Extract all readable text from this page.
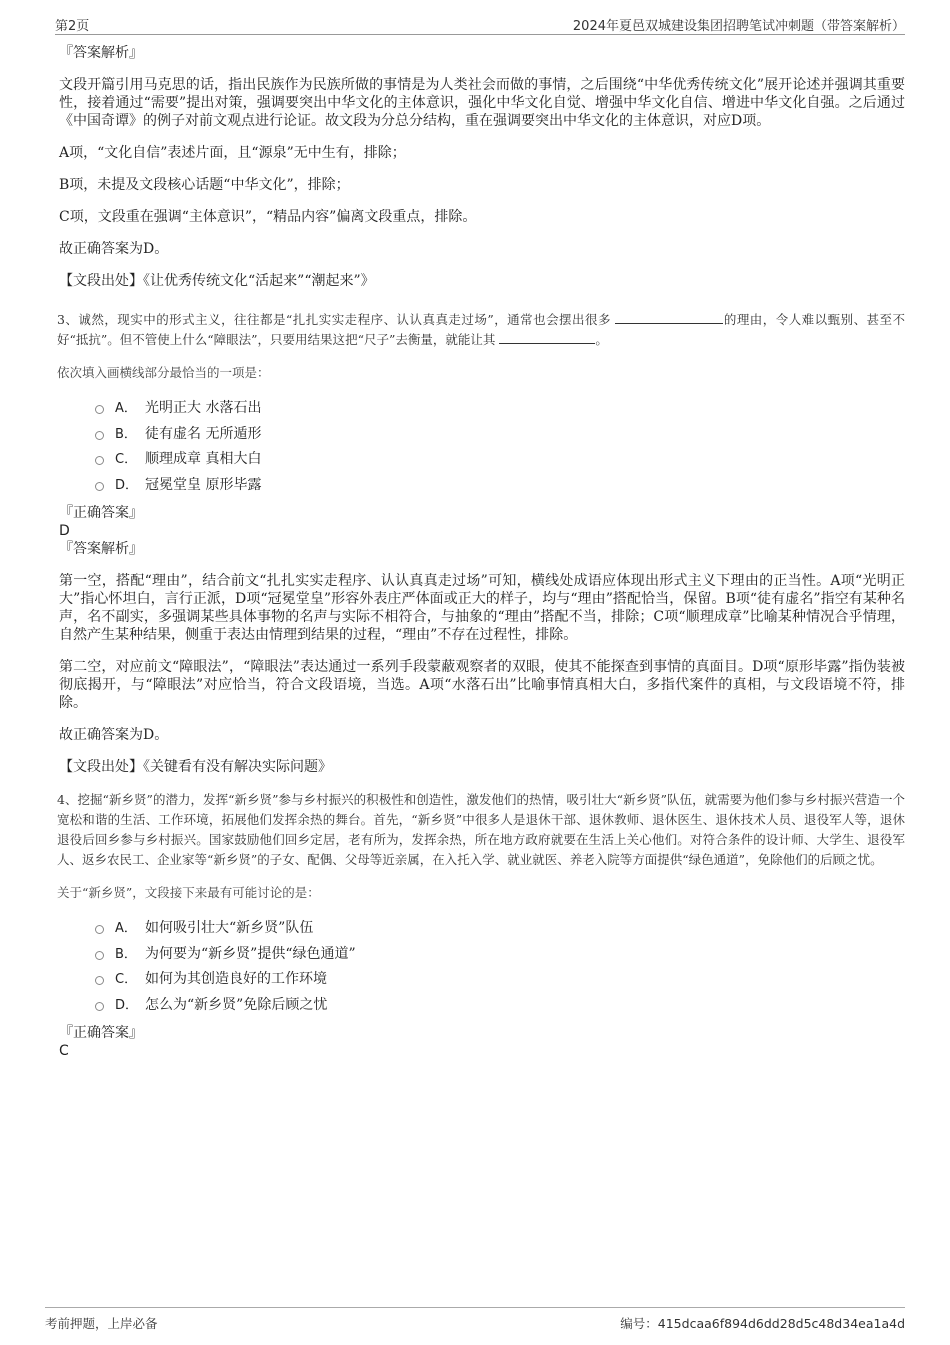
第2页	2024年夏邑双城建设集团招聘笔试冲刺题（带答案解析）

『答案解析』

文段开篇引用马克思的话，指出民族作为民族所做的事情是为人类社会而做的事情，之后围绕“中华优秀传统文化”展开论述并强调其重要性，接着通过“需要”提出对策，强调要突出中华文化的主体意识，强化中华文化自觉、增强中华文化自信、增进中华文化自强。之后通过《中国奇谭》的例子对前文观点进行论证。故文段为分总分结构，重在强调要突出中华文化的主体意识，对应D项。

A项，“文化自信”表述片面，且“源泉”无中生有，排除；

B项，未提及文段核心话题“中华文化”，排除；

C项，文段重在强调“主体意识”，“精品内容”偏离文段重点，排除。

故正确答案为D。

【文段出处】《让优秀传统文化“活起来”“潮起来”》

3、诚然，现实中的形式主义，往往都是“扎扎实实走程序、认认真真走过场”，通常也会摆出很多	的理由，令人难以甄别、甚至不好“抵抗”。但不管使上什么“障眼法”，只要用结果这把“尺子”去衡量，就能让其	。

依次填入画横线部分最恰当的一项是：

A． 光明正大 水落石出
B． 徒有虚名 无所遁形
C． 顺理成章 真相大白
D． 冠冕堂皇 原形毕露

『正确答案』

D

『答案解析』

第一空，搭配“理由”，结合前文“扎扎实实走程序、认认真真走过场”可知，横线处成语应体现出形式主义下理由的正当性。A项“光明正大”指心怀坦白，言行正派，D项“冠冕堂皇”形容外表庄严体面或正大的样子，均与“理由”搭配恰当，保留。B项“徒有虚名”指空有某种名声，名不副实，多强调某些具体事物的名声与实际不相符合，与抽象的“理由”搭配不当，排除；C项“顺理成章”比喻某种情况合乎情理，自然产生某种结果，侧重于表达由情理到结果的过程，“理由”不存在过程性，排除。

第二空，对应前文“障眼法”，“障眼法”表达通过一系列手段蒙蔽观察者的双眼，使其不能探查到事情的真面目。D项“原形毕露”指伪装被彻底揭开，与“障眼法”对应恰当，符合文段语境，当选。A项“水落石出”比喻事情真相大白，多指代案件的真相，与文段语境不符，排除。

故正确答案为D。

【文段出处】《关键看有没有解决实际问题》

4、挖掘“新乡贤”的潜力，发挥“新乡贤”参与乡村振兴的积极性和创造性，激发他们的热情，吸引壮大“新乡贤”队伍，就需要为他们参与乡村振兴营造一个宽松和谐的生活、工作环境，拓展他们发挥余热的舞台。首先，“新乡贤”中很多人是退休干部、退休教师、退休医生、退休技术人员、退役军人等，退休退役后回乡参与乡村振兴。国家鼓励他们回乡定居，老有所为，发挥余热，所在地方政府就要在生活上关心他们。对符合条件的设计师、大学生、退役军人、返乡农民工、企业家等“新乡贤”的子女、配偶、父母等近亲属，在入托入学、就业就医、养老入院等方面提供“绿色通道”，免除他们的后顾之忧。

关于“新乡贤”，文段接下来最有可能讨论的是：

A． 如何吸引壮大“新乡贤”队伍
B． 为何要为“新乡贤”提供“绿色通道”
C． 如何为其创造良好的工作环境
D． 怎么为“新乡贤”免除后顾之忧

『正确答案』

C

考前押题，上岸必备	编号：415dcaa6f894d6dd28d5c48d34ea1a4d
